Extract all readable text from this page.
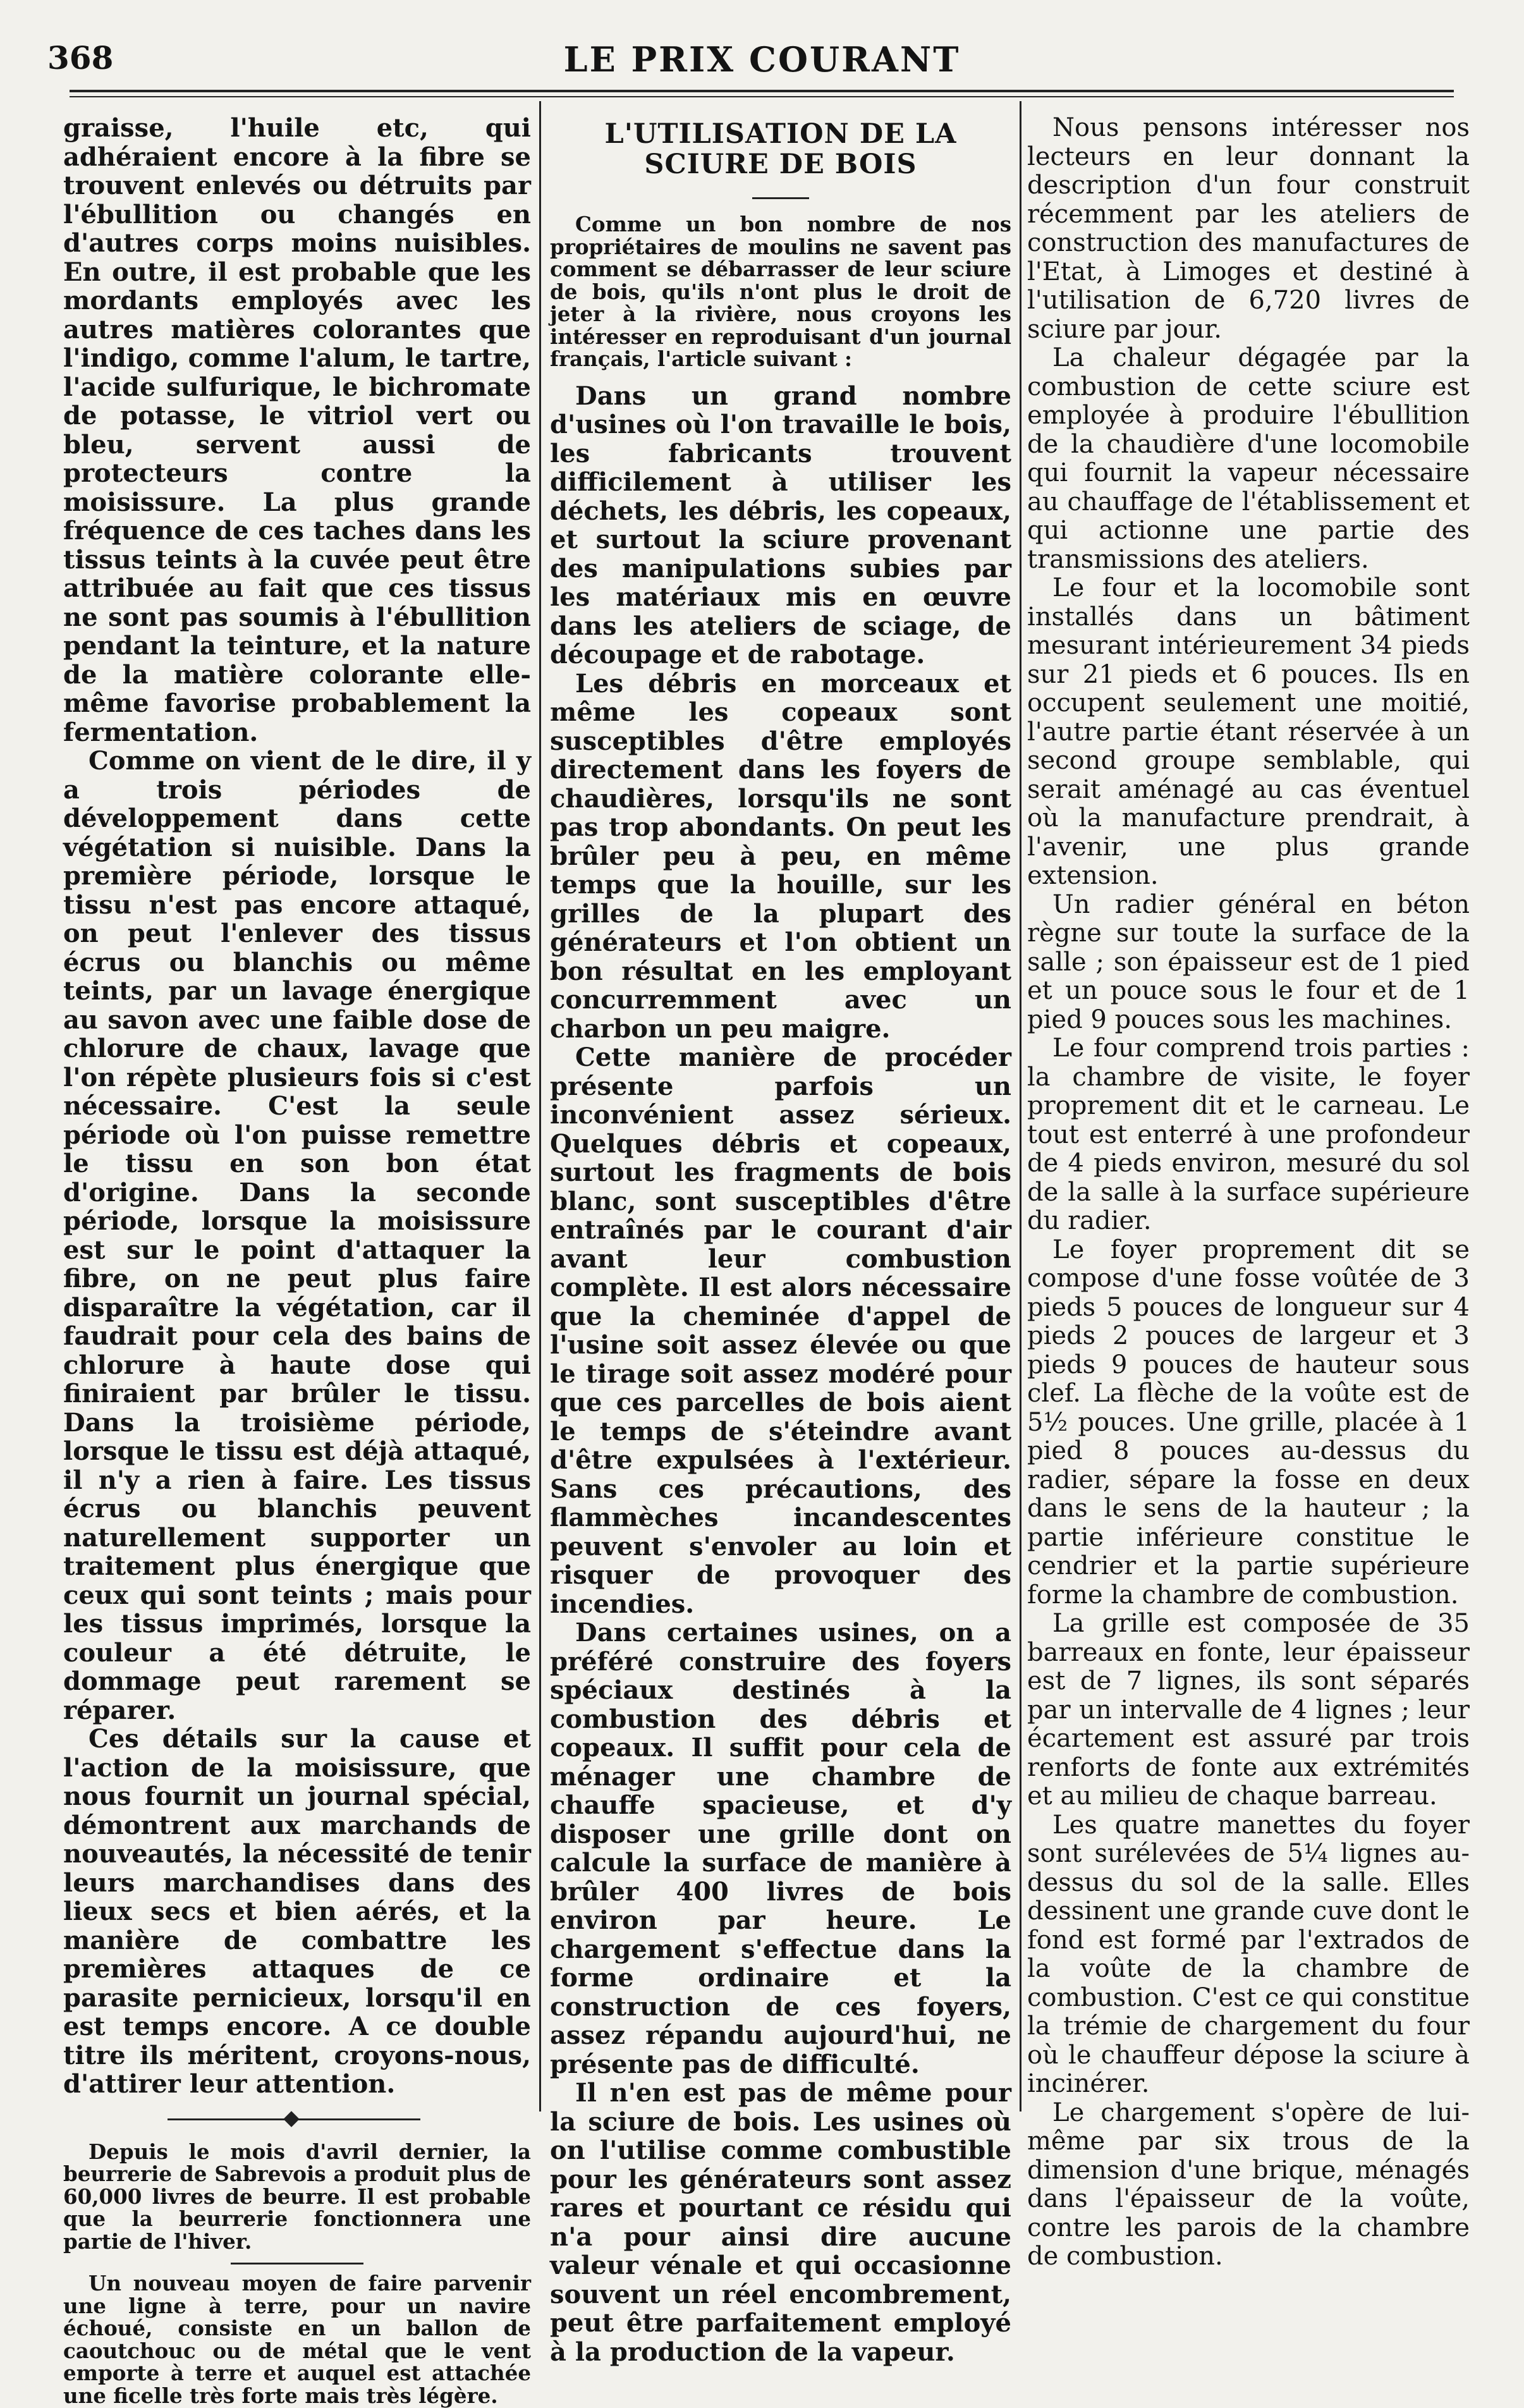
368	LE PRIX COURANT

graisse, l'huile etc, qui adhéraient encore à la fibre se trouvent enlevés ou détruits par l'ébullition ou changés en d'autres corps moins nuisibles. En outre, il est probable que les mordants employés avec les autres matières colorantes que l'indigo, comme l'alum, le tartre, l'acide sulfurique, le bichromate de potasse, le vitriol vert ou bleu, servent aussi de protecteurs contre la moisissure. La plus grande fréquence de ces taches dans les tissus teints à la cuvée peut être attribuée au fait que ces tissus ne sont pas soumis à l'ébullition pendant la teinture, et la nature de la matière colorante elle-même favorise probablement la fermentation.

Comme on vient de le dire, il y a trois périodes de développement dans cette végétation si nuisible. Dans la première période, lorsque le tissu n'est pas encore attaqué, on peut l'enlever des tissus écrus ou blanchis ou même teints, par un lavage énergique au savon avec une faible dose de chlorure de chaux, lavage que l'on répète plusieurs fois si c'est nécessaire. C'est la seule période où l'on puisse remettre le tissu en son bon état d'origine. Dans la seconde période, lorsque la moisissure est sur le point d'attaquer la fibre, on ne peut plus faire disparaître la végétation, car il faudrait pour cela des bains de chlorure à haute dose qui finiraient par brûler le tissu. Dans la troisième période, lorsque le tissu est déjà attaqué, il n'y a rien à faire. Les tissus écrus ou blanchis peuvent naturellement supporter un traitement plus énergique que ceux qui sont teints ; mais pour les tissus imprimés, lorsque la couleur a été détruite, le dommage peut rarement se réparer.

Ces détails sur la cause et l'action de la moisissure, que nous fournit un journal spécial, démontrent aux marchands de nouveautés, la nécessité de tenir leurs marchandises dans des lieux secs et bien aérés, et la manière de combattre les premières attaques de ce parasite pernicieux, lorsqu'il en est temps encore. A ce double titre ils méritent, croyons-nous, d'attirer leur attention.

Depuis le mois d'avril dernier, la beurrerie de Sabrevois a produit plus de 60,000 livres de beurre. Il est probable que la beurrerie fonctionnera une partie de l'hiver.

Un nouveau moyen de faire parvenir une ligne à terre, pour un navire échoué, consiste en un ballon de caoutchouc ou de métal que le vent emporte à terre et auquel est attachée une ficelle très forte mais très légère.

L'UTILISATION DE LA SCIURE DE BOIS

Comme un bon nombre de nos propriétaires de moulins ne savent pas comment se débarrasser de leur sciure de bois, qu'ils n'ont plus le droit de jeter à la rivière, nous croyons les intéresser en reproduisant d'un journal français, l'article suivant :

Dans un grand nombre d'usines où l'on travaille le bois, les fabricants trouvent difficilement à utiliser les déchets, les débris, les copeaux, et surtout la sciure provenant des manipulations subies par les matériaux mis en œuvre dans les ateliers de sciage, de découpage et de rabotage.

Les débris en morceaux et même les copeaux sont susceptibles d'être employés directement dans les foyers de chaudières, lorsqu'ils ne sont pas trop abondants. On peut les brûler peu à peu, en même temps que la houille, sur les grilles de la plupart des générateurs et l'on obtient un bon résultat en les employant concurremment avec un charbon un peu maigre.

Cette manière de procéder présente parfois un inconvénient assez sérieux. Quelques débris et copeaux, surtout les fragments de bois blanc, sont susceptibles d'être entraînés par le courant d'air avant leur combustion complète. Il est alors nécessaire que la cheminée d'appel de l'usine soit assez élevée ou que le tirage soit assez modéré pour que ces parcelles de bois aient le temps de s'éteindre avant d'être expulsées à l'extérieur. Sans ces précautions, des flammèches incandescentes peuvent s'envoler au loin et risquer de provoquer des incendies.

Dans certaines usines, on a préféré construire des foyers spéciaux destinés à la combustion des débris et copeaux. Il suffit pour cela de ménager une chambre de chauffe spacieuse, et d'y disposer une grille dont on calcule la surface de manière à brûler 400 livres de bois environ par heure. Le chargement s'effectue dans la forme ordinaire et la construction de ces foyers, assez répandu aujourd'hui, ne présente pas de difficulté.

Il n'en est pas de même pour la sciure de bois. Les usines où on l'utilise comme combustible pour les générateurs sont assez rares et pourtant ce résidu qui n'a pour ainsi dire aucune valeur vénale et qui occasionne souvent un réel encombrement, peut être parfaitement employé à la production de la vapeur.

Nous pensons intéresser nos lecteurs en leur donnant la description d'un four construit récemment par les ateliers de construction des manufactures de l'Etat, à Limoges et destiné à l'utilisation de 6,720 livres de sciure par jour.

La chaleur dégagée par la combustion de cette sciure est employée à produire l'ébullition de la chaudière d'une locomobile qui fournit la vapeur nécessaire au chauffage de l'établissement et qui actionne une partie des transmissions des ateliers.

Le four et la locomobile sont installés dans un bâtiment mesurant intérieurement 34 pieds sur 21 pieds et 6 pouces. Ils en occupent seulement une moitié, l'autre partie étant réservée à un second groupe semblable, qui serait aménagé au cas éventuel où la manufacture prendrait, à l'avenir, une plus grande extension.

Un radier général en béton règne sur toute la surface de la salle ; son épaisseur est de 1 pied et un pouce sous le four et de 1 pied 9 pouces sous les machines.

Le four comprend trois parties : la chambre de visite, le foyer proprement dit et le carneau. Le tout est enterré à une profondeur de 4 pieds environ, mesuré du sol de la salle à la surface supérieure du radier.

Le foyer proprement dit se compose d'une fosse voûtée de 3 pieds 5 pouces de longueur sur 4 pieds 2 pouces de largeur et 3 pieds 9 pouces de hauteur sous clef. La flèche de la voûte est de 5½ pouces. Une grille, placée à 1 pied 8 pouces au-dessus du radier, sépare la fosse en deux dans le sens de la hauteur ; la partie inférieure constitue le cendrier et la partie supérieure forme la chambre de combustion.

La grille est composée de 35 barreaux en fonte, leur épaisseur est de 7 lignes, ils sont séparés par un intervalle de 4 lignes ; leur écartement est assuré par trois renforts de fonte aux extrémités et au milieu de chaque barreau.

Les quatre manettes du foyer sont surélevées de 5¼ lignes au-dessus du sol de la salle. Elles dessinent une grande cuve dont le fond est formé par l'extrados de la voûte de la chambre de combustion. C'est ce qui constitue la trémie de chargement du four où le chauffeur dépose la sciure à incinérer.

Le chargement s'opère de lui-même par six trous de la dimension d'une brique, ménagés dans l'épaisseur de la voûte, contre les parois de la chambre de combustion.
